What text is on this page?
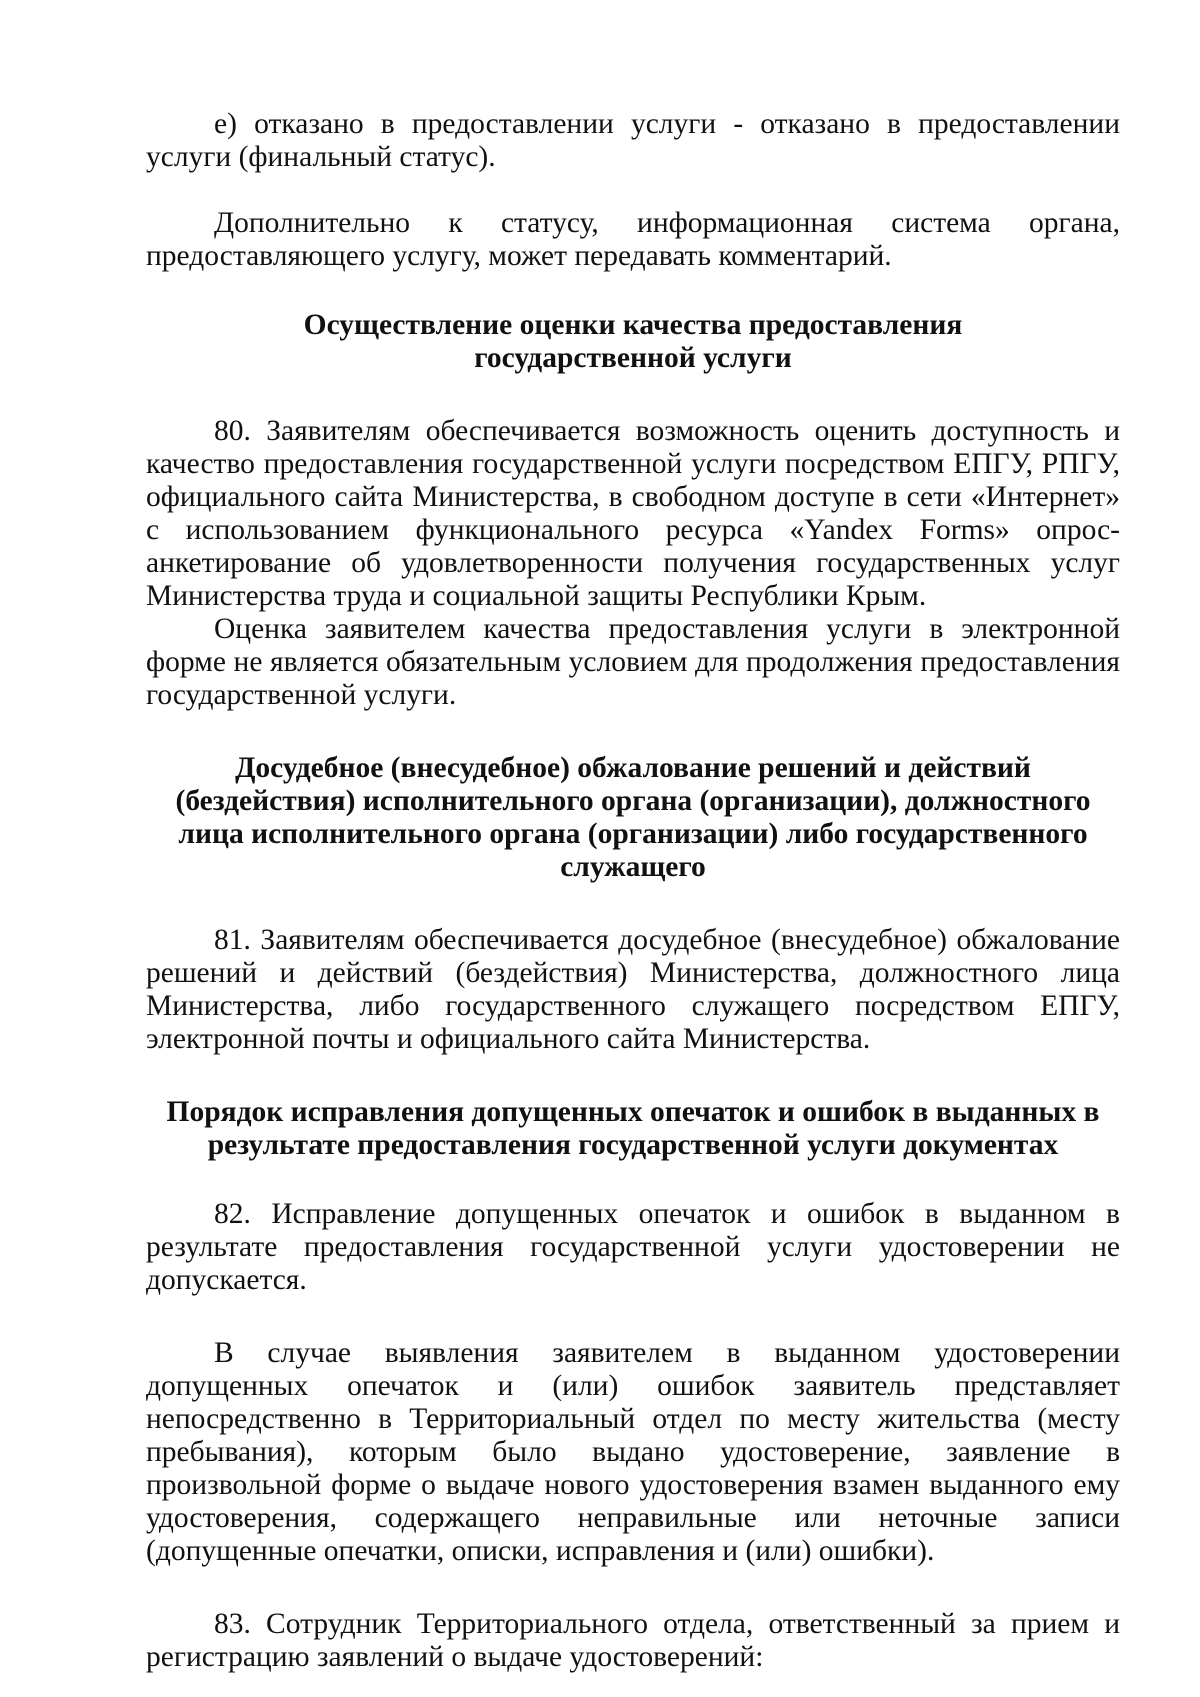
е) отказано в предоставлении услуги - отказано в предоставлении услуги (финальный статус).

Дополнительно к статусу, информационная система органа, предоставляющего услугу, может передавать комментарий.

Осуществление оценки качества предоставления государственной услуги

80. Заявителям обеспечивается возможность оценить доступность и качество предоставления государственной услуги посредством ЕПГУ, РПГУ, официального сайта Министерства, в свободном доступе в сети «Интернет» с использованием функционального ресурса «Yandex Forms» опрос-анкетирование об удовлетворенности получения государственных услуг Министерства труда и социальной защиты Республики Крым.

Оценка заявителем качества предоставления услуги в электронной форме не является обязательным условием для продолжения предоставления государственной услуги.

Досудебное (внесудебное) обжалование решений и действий (бездействия) исполнительного органа (организации), должностного лица исполнительного органа (организации) либо государственного служащего

81. Заявителям обеспечивается досудебное (внесудебное) обжалование решений и действий (бездействия) Министерства, должностного лица Министерства, либо государственного служащего посредством ЕПГУ, электронной почты и официального сайта Министерства.

Порядок исправления допущенных опечаток и ошибок в выданных в результате предоставления государственной услуги документах

82. Исправление допущенных опечаток и ошибок в выданном в результате предоставления государственной услуги удостоверении не допускается.

В случае выявления заявителем в выданном удостоверении допущенных опечаток и (или) ошибок заявитель представляет непосредственно в Территориальный отдел по месту жительства (месту пребывания), которым было выдано удостоверение, заявление в произвольной форме о выдаче нового удостоверения взамен выданного ему удостоверения, содержащего неправильные или неточные записи (допущенные опечатки, описки, исправления и (или) ошибки).

83. Сотрудник Территориального отдела, ответственный за прием и регистрацию заявлений о выдаче удостоверений:
